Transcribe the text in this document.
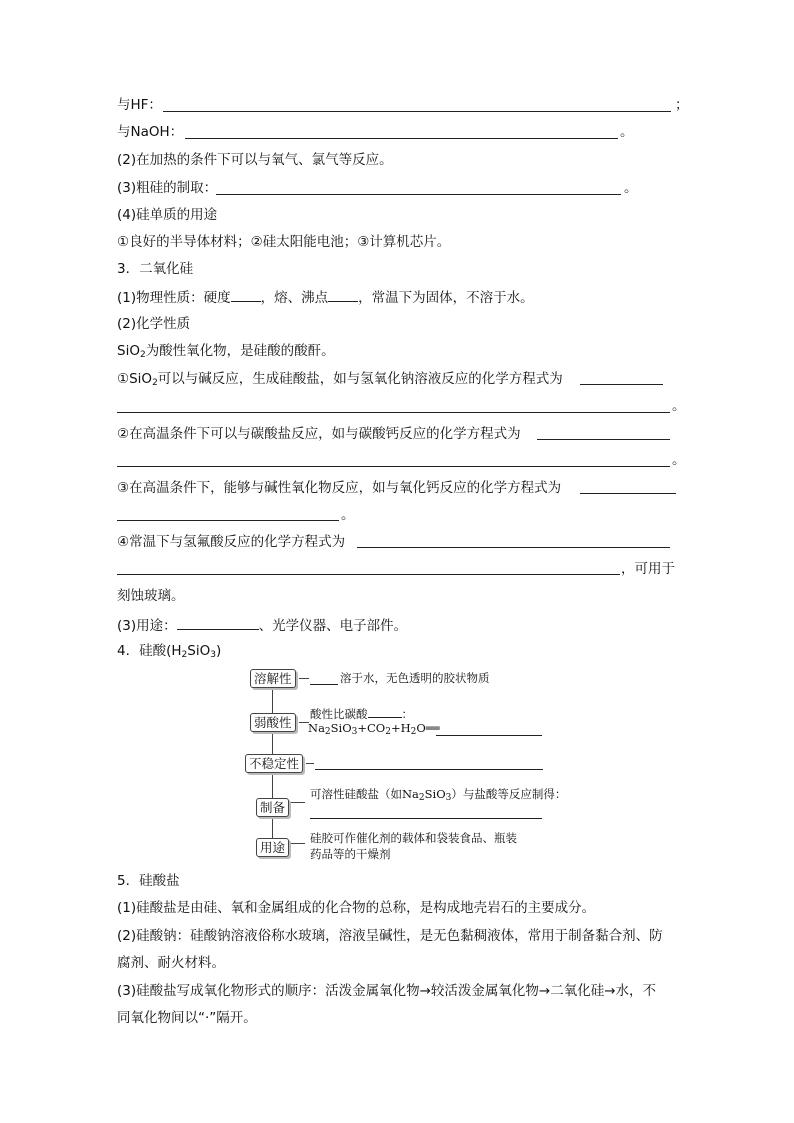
与HF：	；
与NaOH：	。
(2)在加热的条件下可以与氧气、氯气等反应。
(3)粗硅的制取：	。
(4)硅单质的用途
①良好的半导体材料；②硅太阳能电池；③计算机芯片。
3．二氧化硅
(1)物理性质：硬度 ，熔、沸点 ，常温下为固体，不溶于水。
(2)化学性质
SiO$_2$为酸性氧化物，是硅酸的酸酐。
①SiO$_2$可以与碱反应，生成硅酸盐，如与氢氧化钠溶液反应的化学方程式为
。
②在高温条件下可以与碳酸盐反应，如与碳酸钙反应的化学方程式为
。
③在高温条件下，能够与碱性氧化物反应，如与氧化钙反应的化学方程式为
。
④常温下与氢氟酸反应的化学方程式为
，可用于
刻蚀玻璃。
(3)用途：	、光学仪器、电子部件。
4．硅酸$(H_2SiO_3)$
溶解性	溶于水，无色透明的胶状物质
弱酸性
酸性比碳酸	：
$Na_2SiO_3+CO_2+H_2O══$
不稳定性
制备
可溶性硅酸盐（如$Na_2SiO_3$）与盐酸等反应制得：
用途
硅胶可作催化剂的载体和袋装食品、瓶装
药品等的干燥剂
5．硅酸盐
(1)硅酸盐是由硅、氧和金属组成的化合物的总称，是构成地壳岩石的主要成分。
(2)硅酸钠：硅酸钠溶液俗称水玻璃，溶液呈碱性，是无色黏稠液体，常用于制备黏合剂、防
腐剂、耐火材料。
(3)硅酸盐写成氧化物形式的顺序：活泼金属氧化物→较活泼金属氧化物→二氧化硅→水，不
同氧化物间以“·”隔开。
